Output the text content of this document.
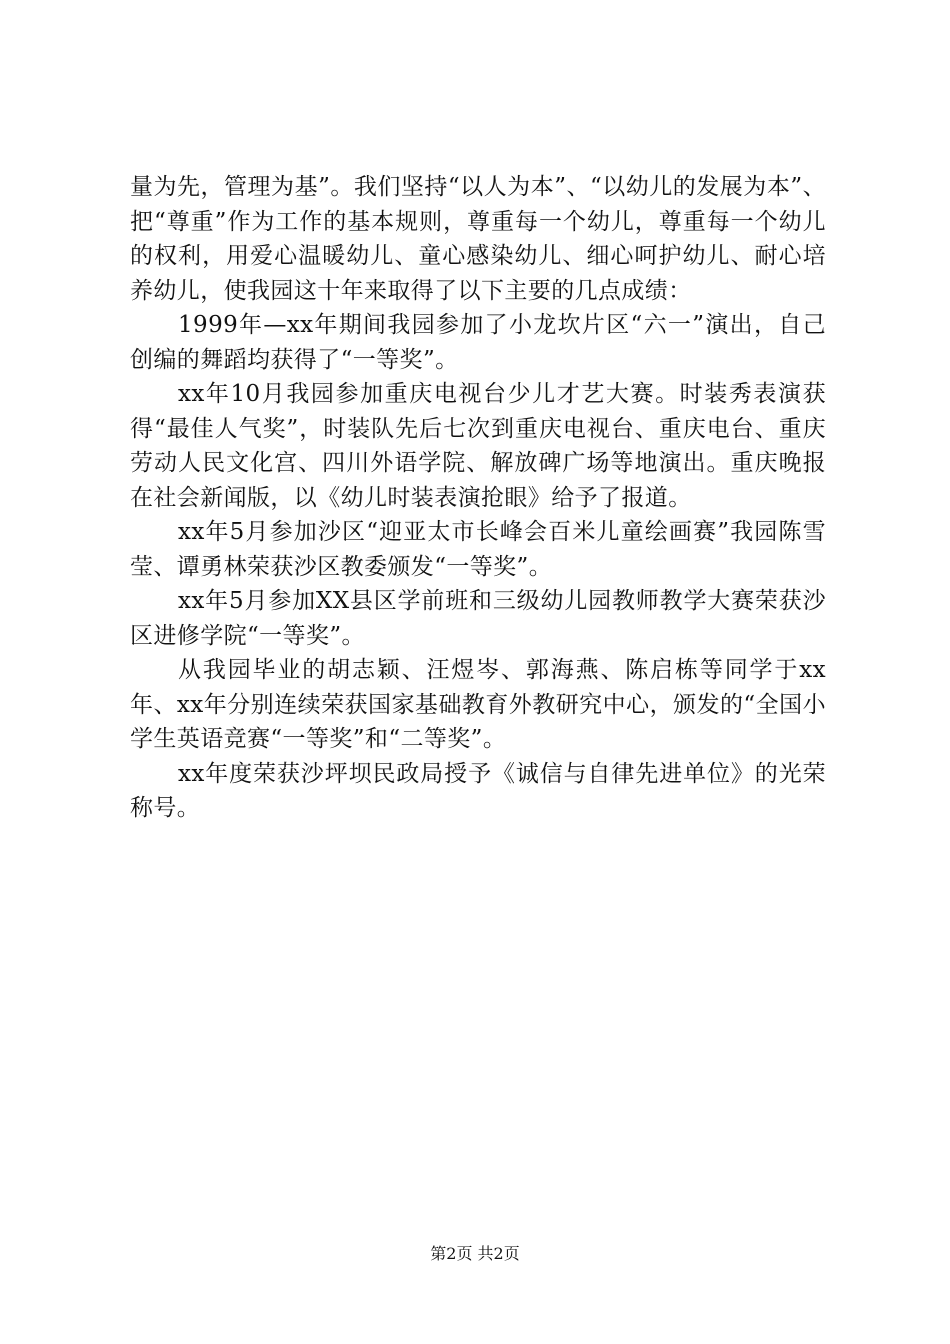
量为先，管理为基”。我们坚持“以人为本”、“以幼儿的发展为本”、把“尊重”作为工作的基本规则，尊重每一个幼儿，尊重每一个幼儿的权利，用爱心温暖幼儿、童心感染幼儿、细心呵护幼儿、耐心培养幼儿，使我园这十年来取得了以下主要的几点成绩：

1999年—xx年期间我园参加了小龙坎片区“六一”演出，自己创编的舞蹈均获得了“一等奖”。

xx年10月我园参加重庆电视台少儿才艺大赛。时装秀表演获得“最佳人气奖”，时装队先后七次到重庆电视台、重庆电台、重庆劳动人民文化宫、四川外语学院、解放碑广场等地演出。重庆晚报在社会新闻版，以《幼儿时装表演抢眼》给予了报道。

xx年5月参加沙区“迎亚太市长峰会百米儿童绘画赛”我园陈雪莹、谭勇林荣获沙区教委颁发“一等奖”。

xx年5月参加XX县区学前班和三级幼儿园教师教学大赛荣获沙区进修学院“一等奖”。

从我园毕业的胡志颖、汪煜岑、郭海燕、陈启栋等同学于xx年、xx年分别连续荣获国家基础教育外教研究中心，颁发的“全国小学生英语竞赛“一等奖”和“二等奖”。

xx年度荣获沙坪坝民政局授予《诚信与自律先进单位》的光荣称号。

第2页 共2页
